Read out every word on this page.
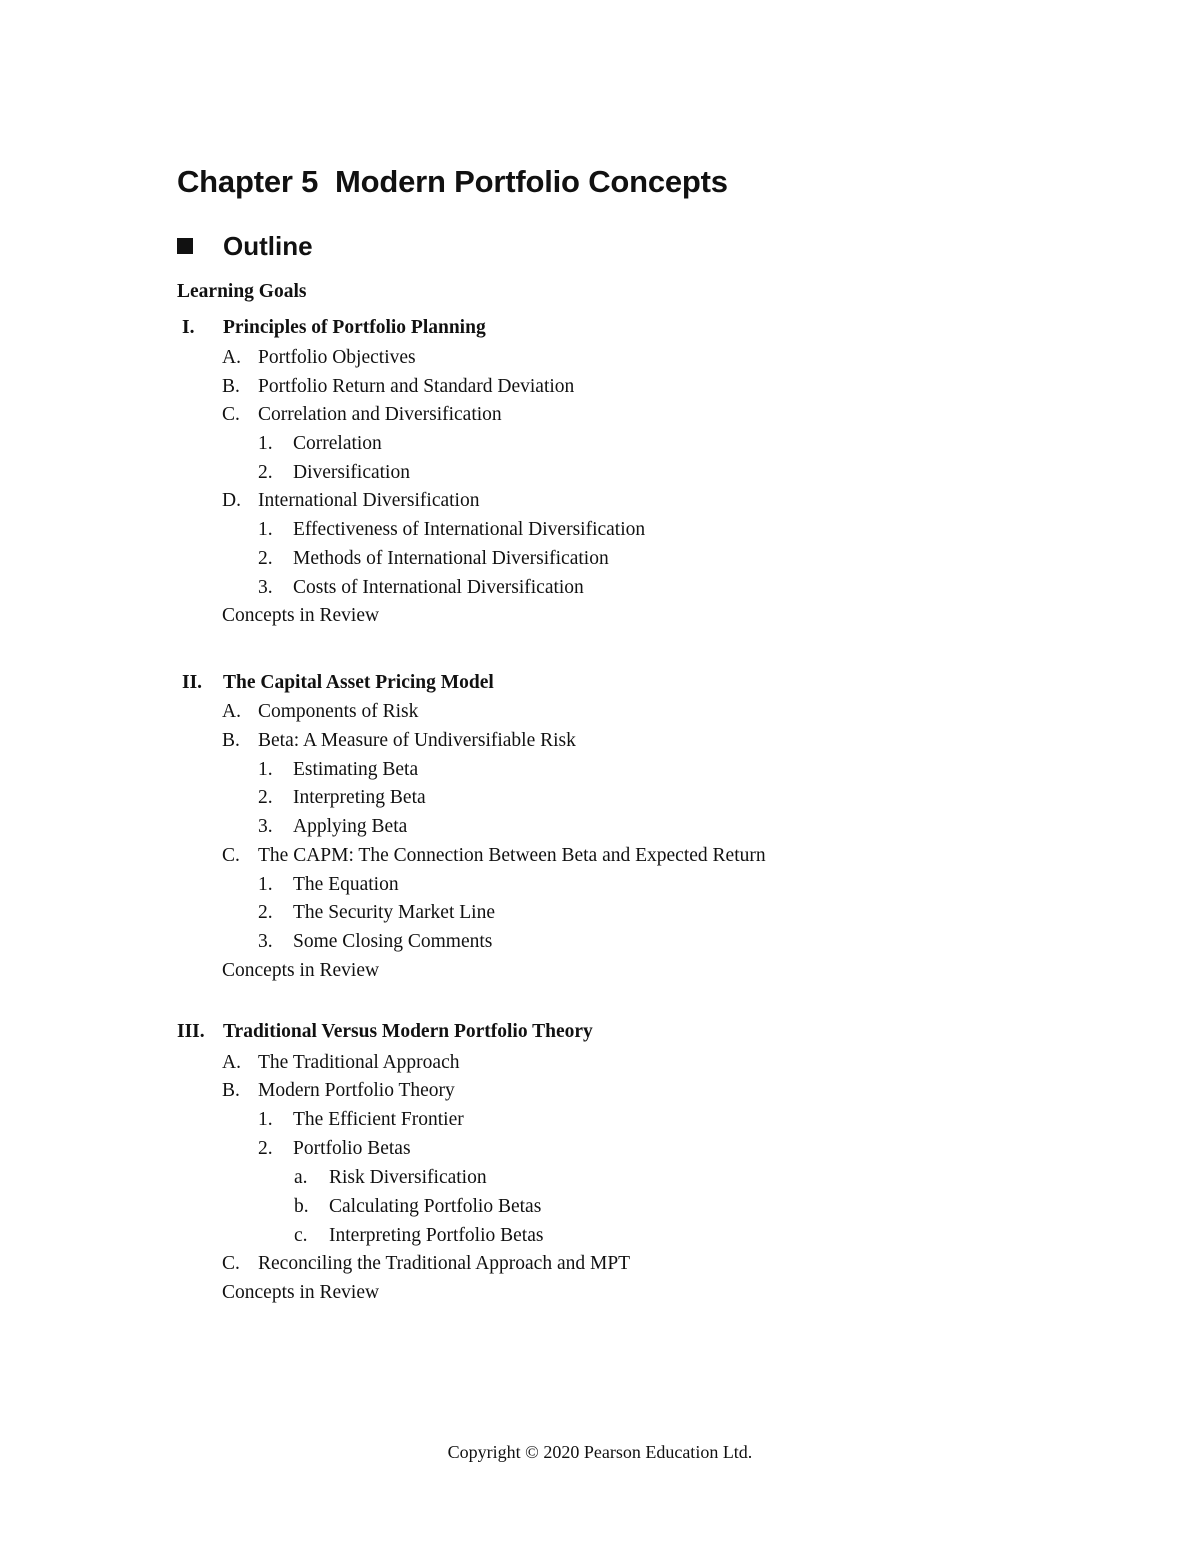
Chapter 5  Modern Portfolio Concepts
Outline
Learning Goals
I. Principles of Portfolio Planning
A. Portfolio Objectives
B. Portfolio Return and Standard Deviation
C. Correlation and Diversification
1. Correlation
2. Diversification
D. International Diversification
1. Effectiveness of International Diversification
2. Methods of International Diversification
3. Costs of International Diversification
Concepts in Review
II. The Capital Asset Pricing Model
A. Components of Risk
B. Beta: A Measure of Undiversifiable Risk
1. Estimating Beta
2. Interpreting Beta
3. Applying Beta
C. The CAPM: The Connection Between Beta and Expected Return
1. The Equation
2. The Security Market Line
3. Some Closing Comments
Concepts in Review
III. Traditional Versus Modern Portfolio Theory
A. The Traditional Approach
B. Modern Portfolio Theory
1. The Efficient Frontier
2. Portfolio Betas
a. Risk Diversification
b. Calculating Portfolio Betas
c. Interpreting Portfolio Betas
C. Reconciling the Traditional Approach and MPT
Concepts in Review
Copyright © 2020 Pearson Education Ltd.
